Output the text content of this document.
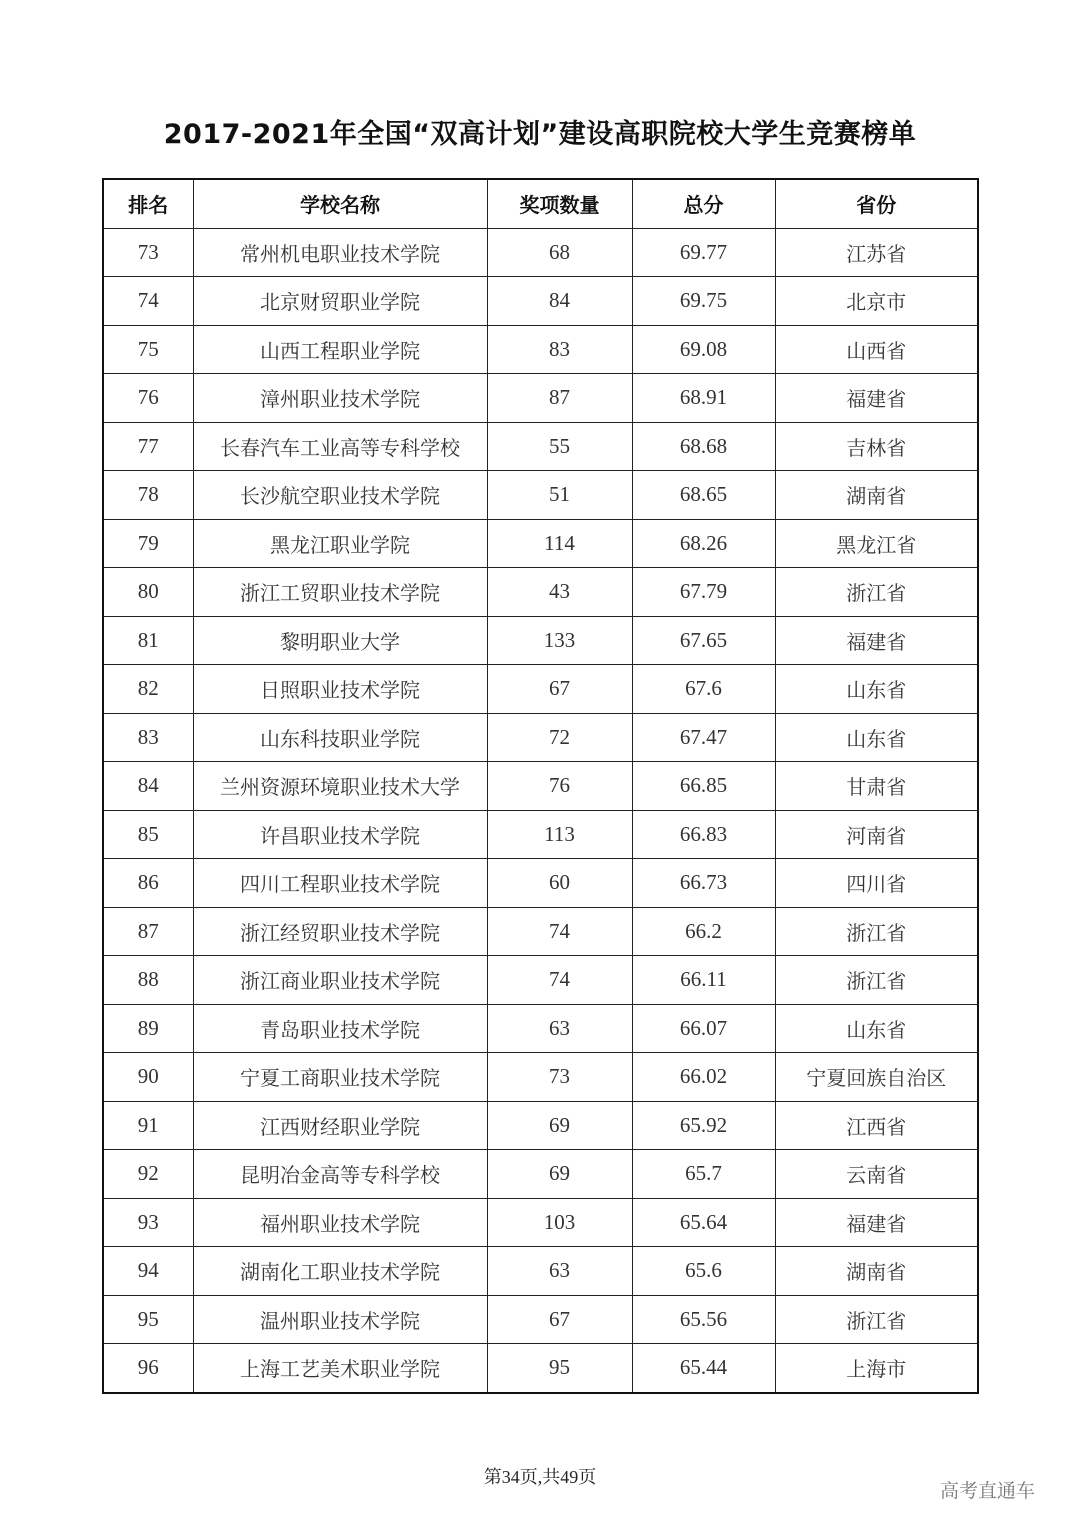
2017-2021年全国“双高计划”建设高职院校大学生竞赛榜单
排名	学校名称	奖项数量	总分	省份
73	常州机电职业技术学院	68	69.77	江苏省
74	北京财贸职业学院	84	69.75	北京市
75	山西工程职业学院	83	69.08	山西省
76	漳州职业技术学院	87	68.91	福建省
77	长春汽车工业高等专科学校	55	68.68	吉林省
78	长沙航空职业技术学院	51	68.65	湖南省
79	黑龙江职业学院	114	68.26	黑龙江省
80	浙江工贸职业技术学院	43	67.79	浙江省
81	黎明职业大学	133	67.65	福建省
82	日照职业技术学院	67	67.6	山东省
83	山东科技职业学院	72	67.47	山东省
84	兰州资源环境职业技术大学	76	66.85	甘肃省
85	许昌职业技术学院	113	66.83	河南省
86	四川工程职业技术学院	60	66.73	四川省
87	浙江经贸职业技术学院	74	66.2	浙江省
88	浙江商业职业技术学院	74	66.11	浙江省
89	青岛职业技术学院	63	66.07	山东省
90	宁夏工商职业技术学院	73	66.02	宁夏回族自治区
91	江西财经职业学院	69	65.92	江西省
92	昆明冶金高等专科学校	69	65.7	云南省
93	福州职业技术学院	103	65.64	福建省
94	湖南化工职业技术学院	63	65.6	湖南省
95	温州职业技术学院	67	65.56	浙江省
96	上海工艺美术职业学院	95	65.44	上海市
第34页,共49页
高考直通车
